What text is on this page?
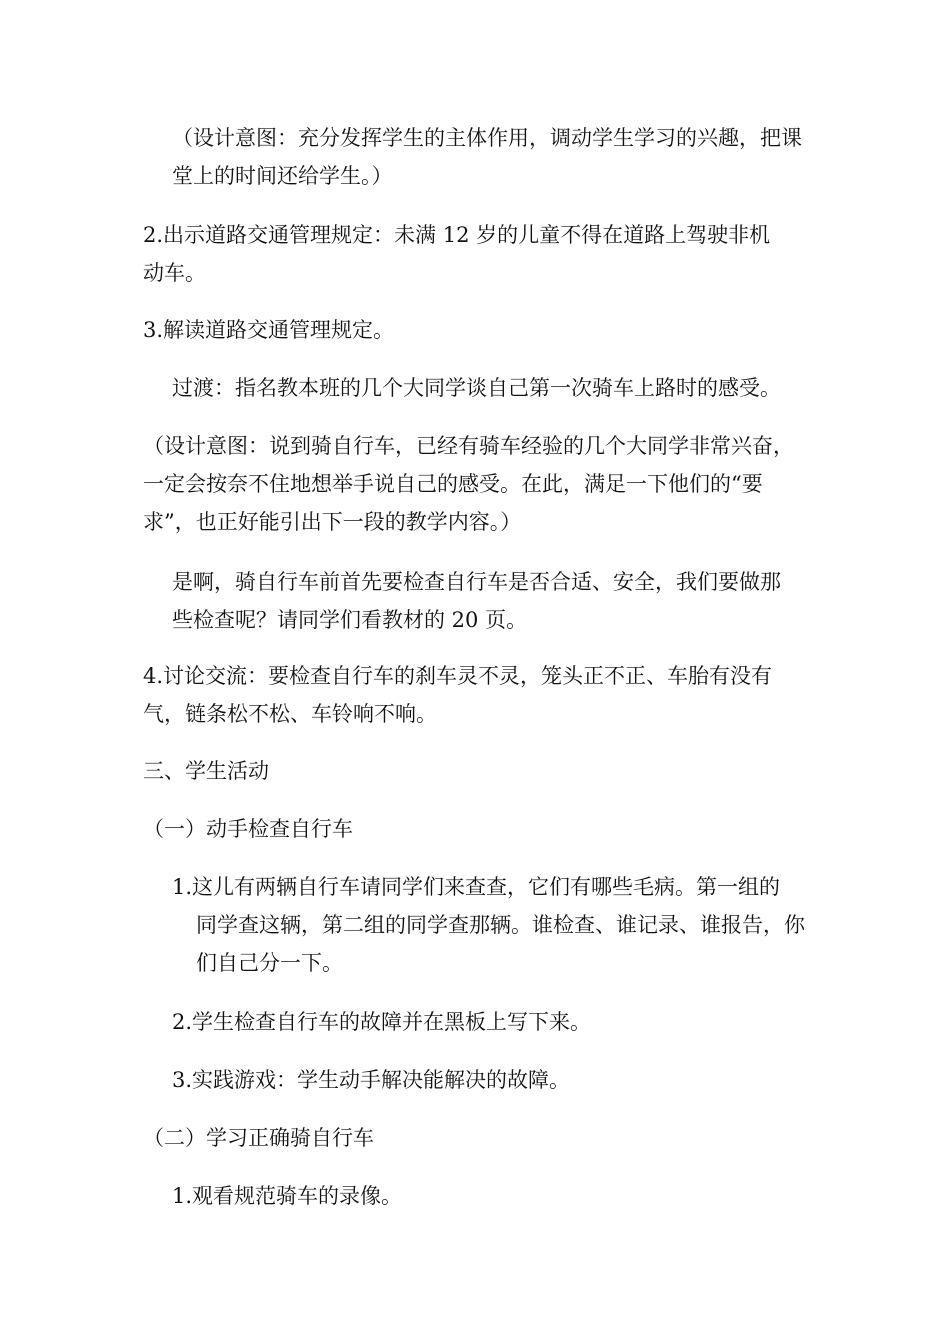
（设计意图：充分发挥学生的主体作用，调动学生学习的兴趣，把课
堂上的时间还给学生。）

2.出示道路交通管理规定：未满 12 岁的儿童不得在道路上驾驶非机
动车。

3.解读道路交通管理规定。

过渡：指名教本班的几个大同学谈自己第一次骑车上路时的感受。

（设计意图：说到骑自行车，已经有骑车经验的几个大同学非常兴奋，
一定会按奈不住地想举手说自己的感受。在此，满足一下他们的“要
求”，也正好能引出下一段的教学内容。）

是啊，骑自行车前首先要检查自行车是否合适、安全，我们要做那
些检查呢？请同学们看教材的 20 页。

4.讨论交流：要检查自行车的刹车灵不灵，笼头正不正、车胎有没有
气，链条松不松、车铃响不响。

三、学生活动

（一）动手检查自行车

1.这儿有两辆自行车请同学们来查查，它们有哪些毛病。第一组的
同学查这辆，第二组的同学查那辆。谁检查、谁记录、谁报告，你
们自己分一下。

2.学生检查自行车的故障并在黑板上写下来。

3.实践游戏：学生动手解决能解决的故障。

（二）学习正确骑自行车

1.观看规范骑车的录像。
